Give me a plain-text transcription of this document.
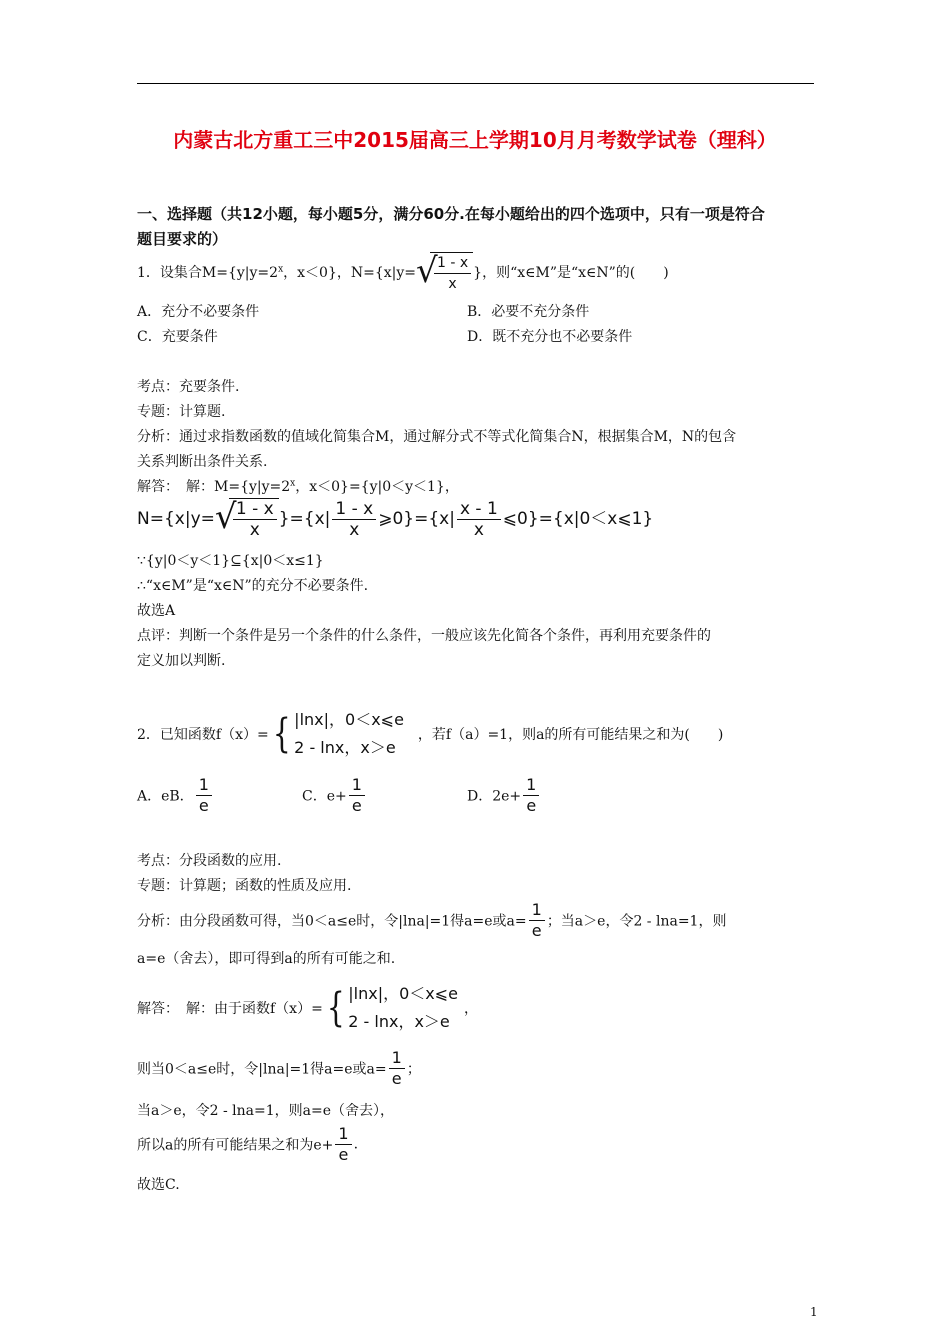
内蒙古北方重工三中2015届高三上学期10月月考数学试卷（理科）
一、选择题（共12小题，每小题5分，满分60分.在每小题给出的四个选项中，只有一项是符合
题目要求的）
1．设集合$M=\{y|y=2^x$，x＜0}，N={x|y= √
$\frac{1 - x}{x}$ }，则“x∈M”是“x∈N”的(　　)
A．充分不必要条件	B．必要不充分条件
C．充要条件	D．既不充分也不必要条件
考点：充要条件.
专题：计算题.
分析：通过求指数函数的值域化简集合M，通过解分式不等式化简集合N，根据集合M，N的包含
关系判断出条件关系.
解答：　解：$M=\{y|y=2^x$，x＜0}={y|0＜y＜1}，
N={x|y= √
$\frac{1 - x}{x} \}=\{x| \frac{1 - x}{x}$ ⩾0}={x| $\frac{x - 1}{x}$ ⩽0}={x|0＜x⩽1}
∵{y|0＜y＜1}⊆{x|0＜x≤1}
∴“x∈M”是“x∈N”的充分不必要条件.
故选A
点评：判断一个条件是另一个条件的什么条件，一般应该先化简各个条件，再利用充要条件的
定义加以判断.
2．已知函数f（x）={ |lnx|，0＜x⩽e
2 - lnx，x＞e
，若f（a）=1，则a的所有可能结果之和为(　　)
A．eB． $\frac{1}{e}$	C．$e+ \frac{1}{e}$	D．$2e+ \frac{1}{e}$
考点：分段函数的应用.
专题：计算题；函数的性质及应用.
分析：由分段函数可得，当0＜a≤e时，令|lna|=1得a=e或$a= \frac{1}{e}$ ；当a＞e，令2 - lna=1，则
a=e（舍去），即可得到a的所有可能之和.
解答：　解：由于函数f（x）={ |lnx|，0＜x⩽e
2 - lnx，x＞e
，
则当0＜a≤e时，令|lna|=1得a=e或$a= \frac{1}{e}$ ；
当a＞e，令2 - lna=1，则a=e（舍去），
所以a的所有可能结果之和为$e+ \frac{1}{e}$ .
故选C.
1
